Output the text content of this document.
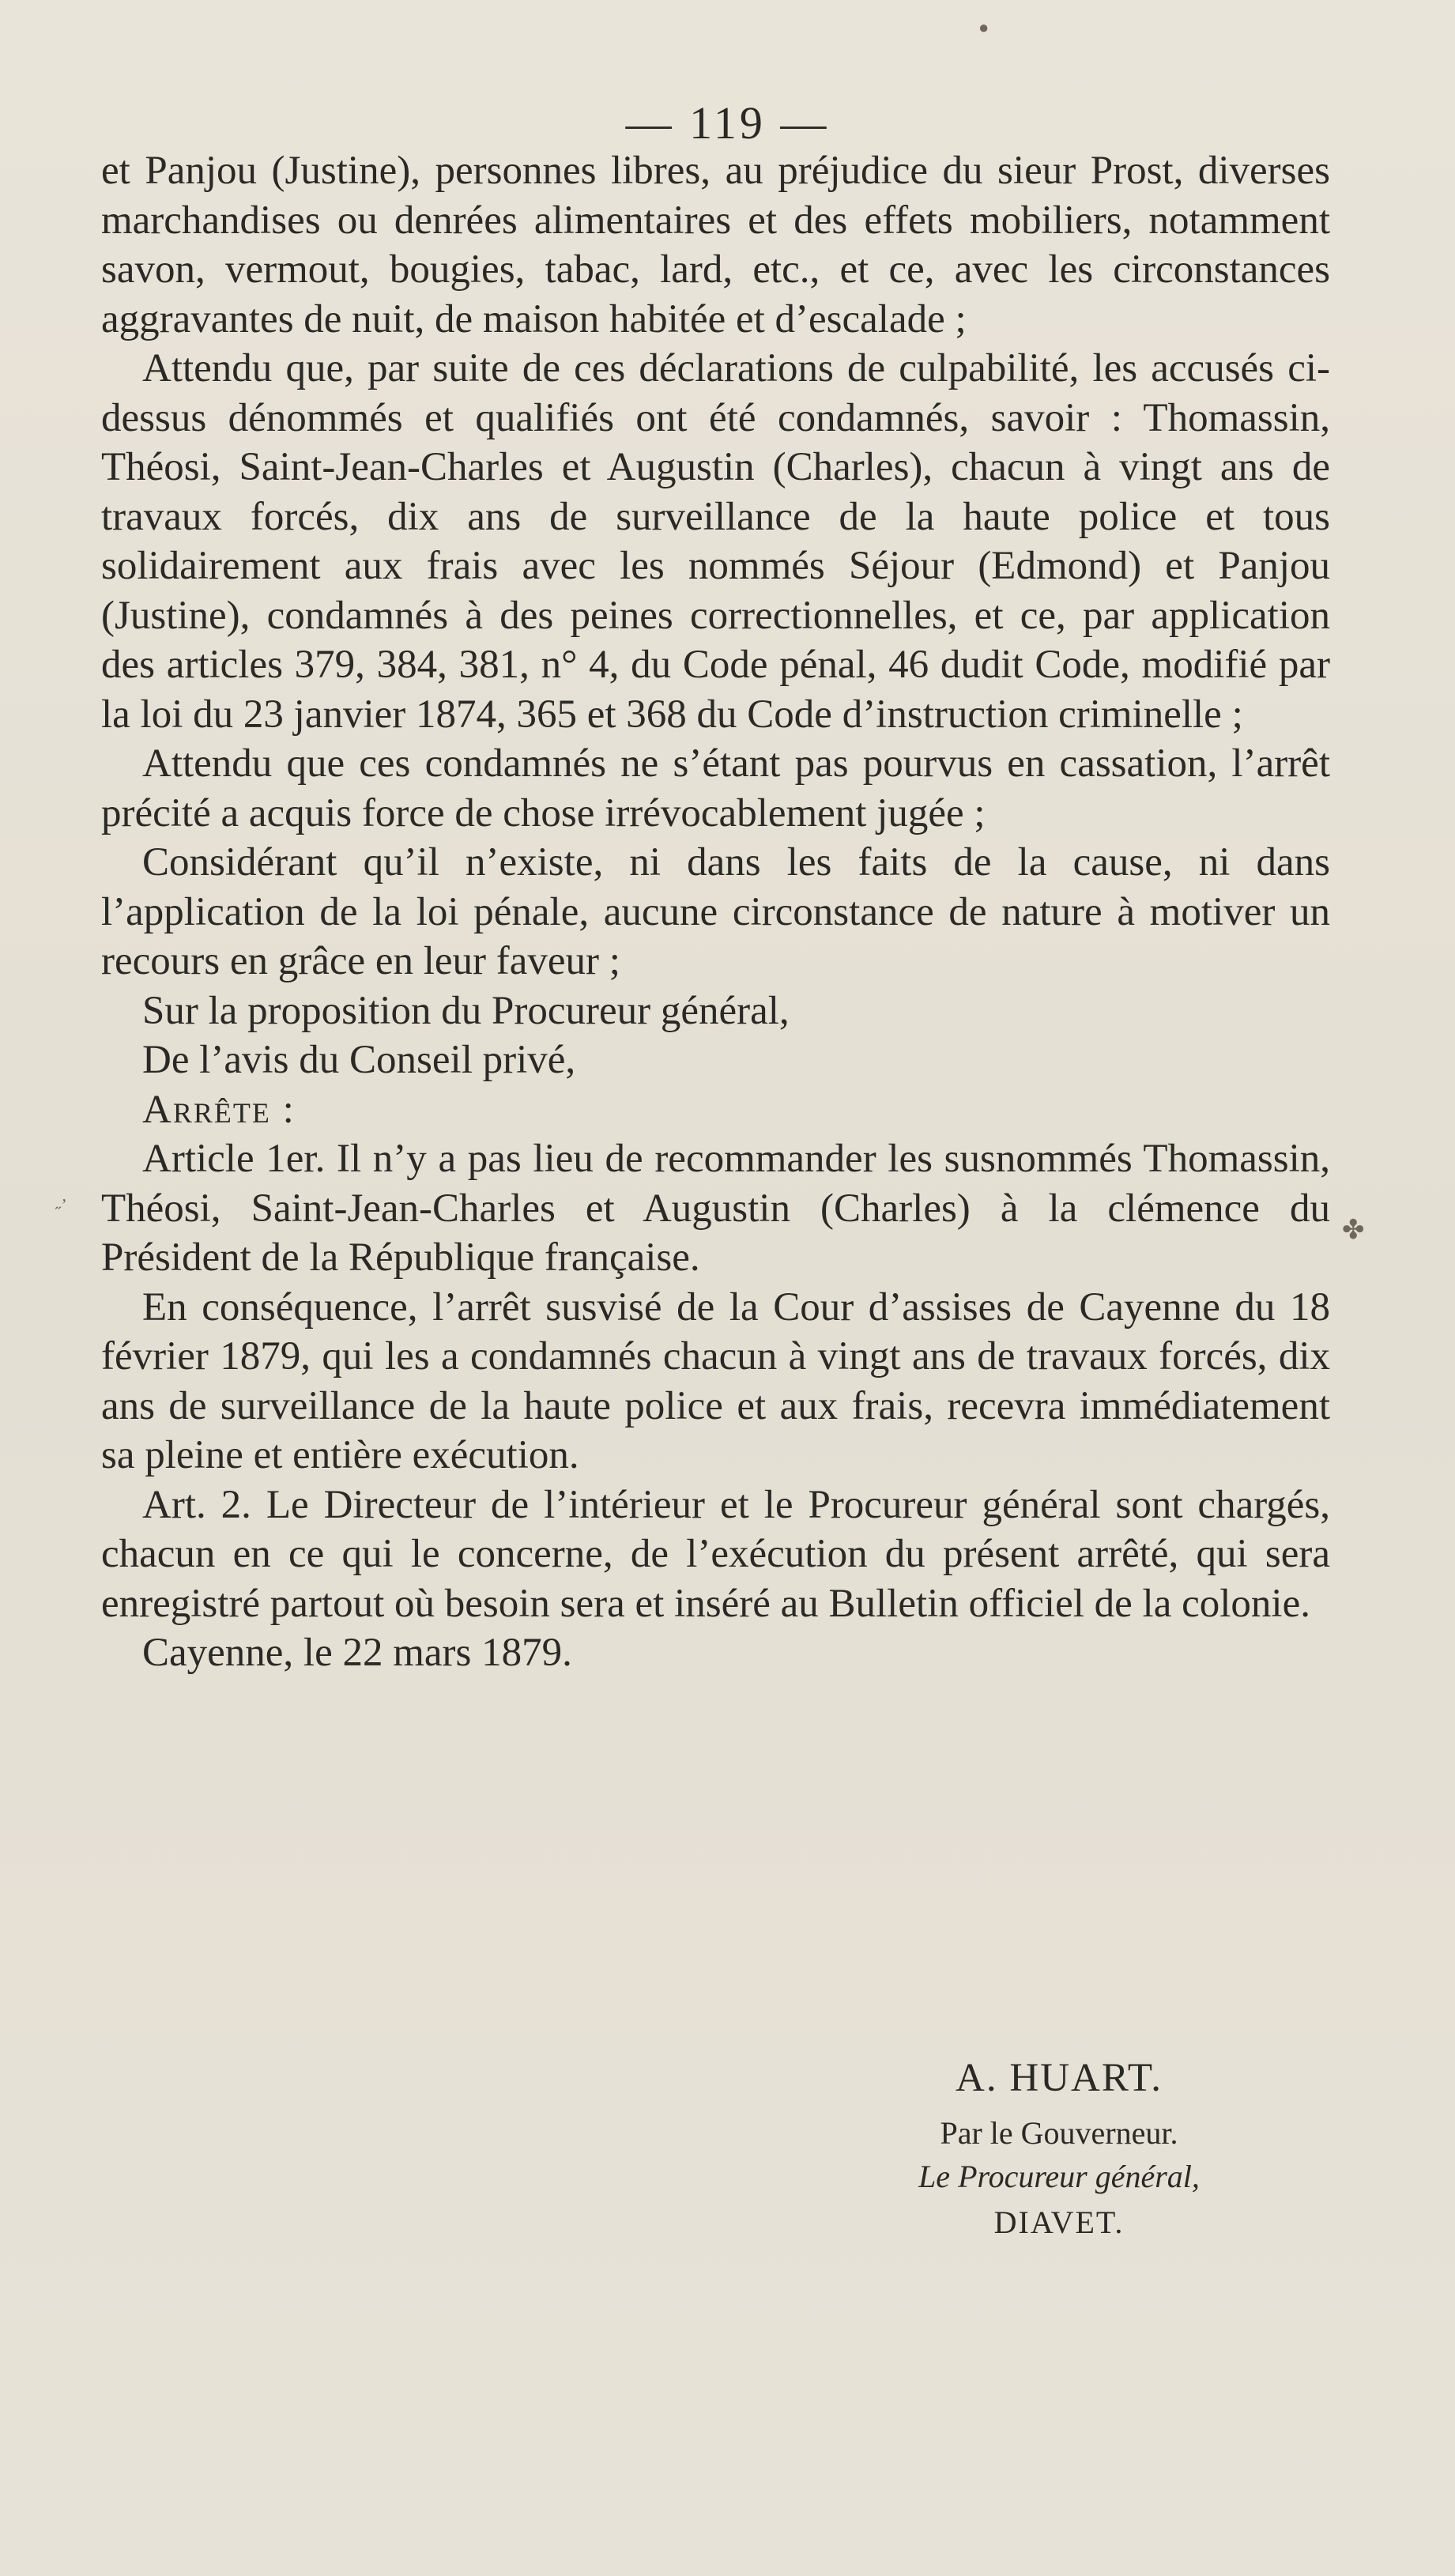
●
˶ʼ
✤
— 119 —

et Panjou (Justine), personnes libres, au préjudice du sieur Prost, diverses marchandises ou denrées alimentaires et des effets mobiliers, notamment savon, vermout, bougies, tabac, lard, etc., et ce, avec les circonstances aggravantes de nuit, de maison habitée et d’escalade ;

Attendu que, par suite de ces déclarations de culpabilité, les accusés ci-dessus dénommés et qualifiés ont été condamnés, savoir : Thomassin, Théosi, Saint-Jean-Charles et Augustin (Charles), chacun à vingt ans de travaux forcés, dix ans de surveillance de la haute police et tous solidairement aux frais avec les nommés Séjour (Edmond) et Panjou (Justine), condamnés à des peines correctionnelles, et ce, par application des articles 379, 384, 381, n° 4, du Code pénal, 46 dudit Code, modifié par la loi du 23 janvier 1874, 365 et 368 du Code d’instruction criminelle ;

Attendu que ces condamnés ne s’étant pas pourvus en cassation, l’arrêt précité a acquis force de chose irrévocablement jugée ;

Considérant qu’il n’existe, ni dans les faits de la cause, ni dans l’application de la loi pénale, aucune circonstance de nature à motiver un recours en grâce en leur faveur ;

Sur la proposition du Procureur général,

De l’avis du Conseil privé,

Arrête :

Article 1er. Il n’y a pas lieu de recommander les susnommés Thomassin, Théosi, Saint-Jean-Charles et Augustin (Charles) à la clémence du Président de la République française.

En conséquence, l’arrêt susvisé de la Cour d’assises de Cayenne du 18 février 1879, qui les a condamnés chacun à vingt ans de travaux forcés, dix ans de surveillance de la haute police et aux frais, recevra immédiatement sa pleine et entière exécution.

Art. 2. Le Directeur de l’intérieur et le Procureur général sont chargés, chacun en ce qui le concerne, de l’exécution du présent arrêté, qui sera enregistré partout où besoin sera et inséré au Bulletin officiel de la colonie.

Cayenne, le 22 mars 1879.

A. HUART.
Par le Gouverneur.
Le Procureur général,
DIAVET.
